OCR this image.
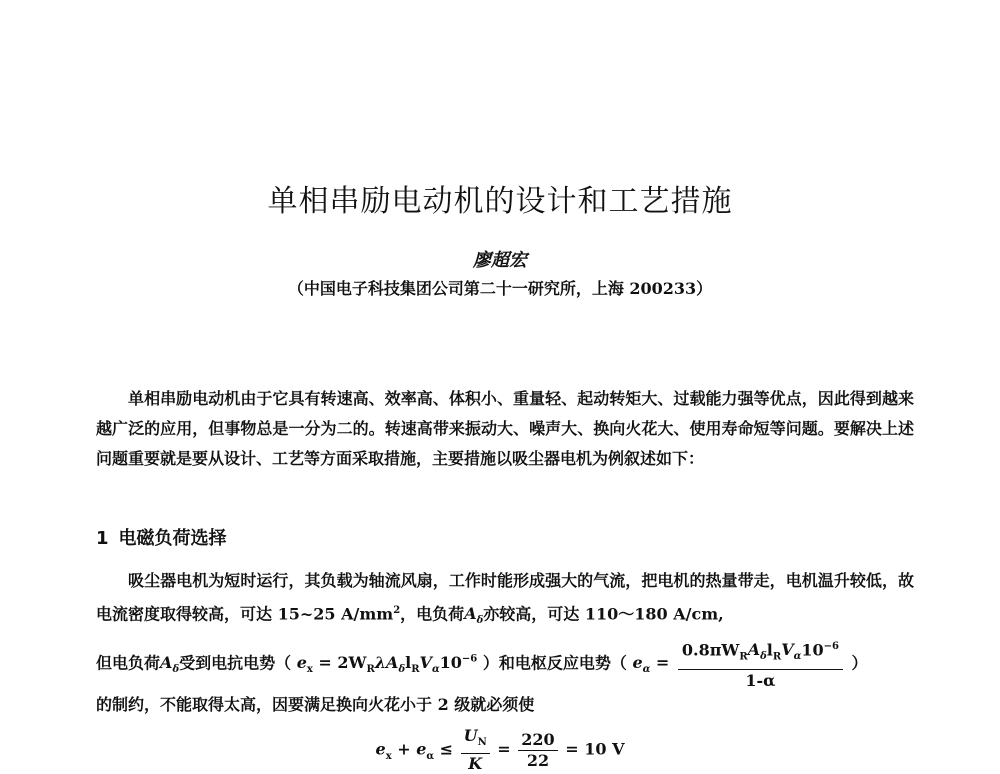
单相串励电动机的设计和工艺措施
廖超宏
（中国电子科技集团公司第二十一研究所，上海 200233）
单相串励电动机由于它具有转速高、效率高、体积小、重量轻、起动转矩大、过载能力强等优点，因此得到越来越广泛的应用，但事物总是一分为二的。转速高带来振动大、噪声大、换向火花大、使用寿命短等问题。要解决上述问题重要就是要从设计、工艺等方面采取措施，主要措施以吸尘器电机为例叙述如下：
1 电磁负荷选择
吸尘器电机为短时运行，其负载为轴流风扇，工作时能形成强大的气流，把电机的热量带走，电机温升较低，故电流密度取得较高，可达 15~25 $A/mm^2$，电负荷$A_\delta$亦较高，可达 110～180 A/cm,
但电负荷$A_\delta$受到电抗电势（ $e_x = 2W_R\lambda A_\delta l_RV_\alpha 10^{-6}$ ）和电枢反应电势（ $e_\alpha = \frac{0.8\pi W_RA_\delta l_RV_\alpha 10^{-6}}{1-\alpha}$ ）
的制约，不能取得太高，因要满足换向火花小于 2 级就必须使
$e_x + e_\alpha \le \frac{U_N}{K} = \frac{220}{22} = 10$ V
